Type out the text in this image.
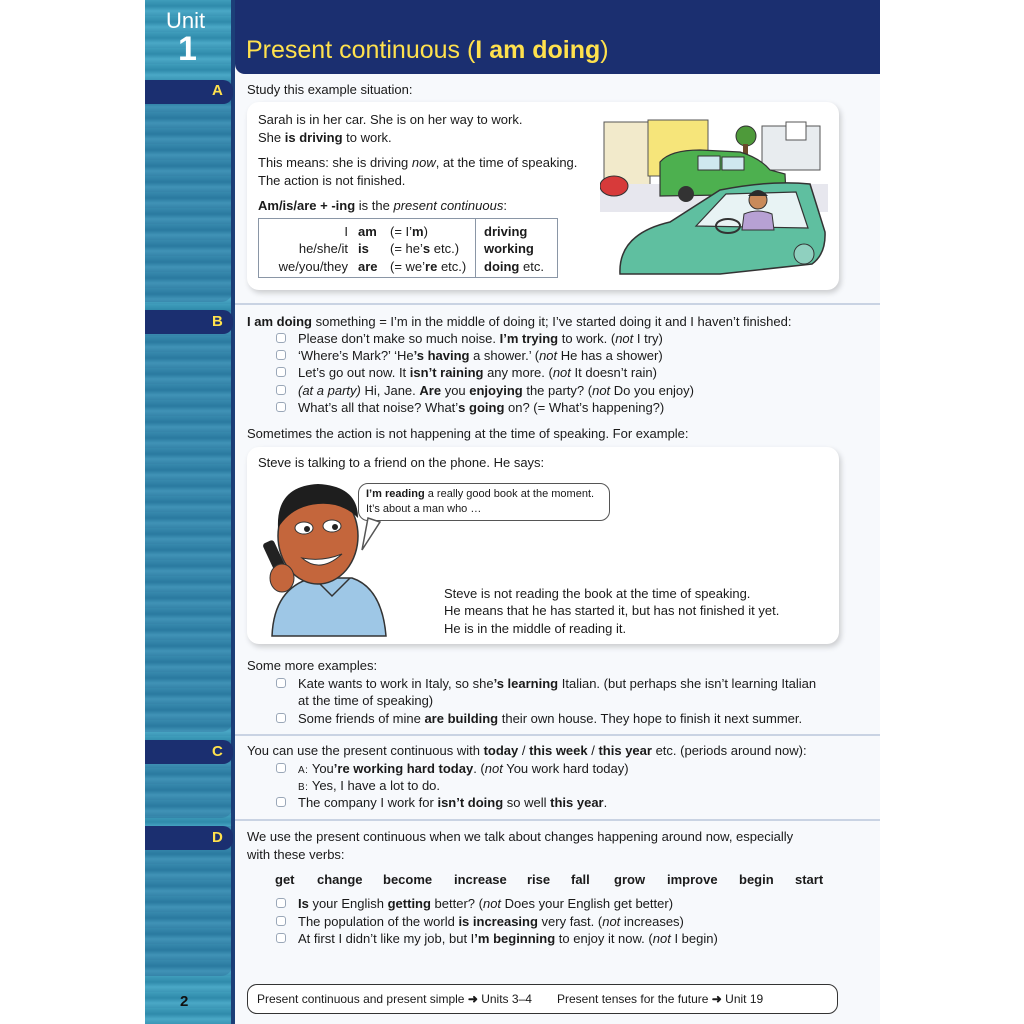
Unit
1 Present continuous (I am doing)
A
B
C
D
Study this example situation:
Sarah is in her car. She is on her way to work.
She is driving to work.
This means: she is driving now, at the time of speaking.
The action is not finished.
Am/is/are + -ing is the present continuous:
I
he/she/it
we/you/they
am
is
are
(= I’m)
(= he’s etc.)
(= we’re etc.)
driving
working
doing etc.
I am doing something = I’m in the middle of doing it; I’ve started doing it and I haven’t finished:
Please don’t make so much noise. I’m trying to work. (not I try)
‘Where’s Mark?’ ‘He’s having a shower.’ (not He has a shower)
Let’s go out now. It isn’t raining any more. (not It doesn’t rain)
(at a party) Hi, Jane. Are you enjoying the party? (not Do you enjoy)
What’s all that noise? What’s going on? (= What’s happening?)
Sometimes the action is not happening at the time of speaking. For example:
Steve is talking to a friend on the phone. He says:
I’m reading a really good book at the moment.
It’s about a man who …
Steve is not reading the book at the time of speaking.
He means that he has started it, but has not finished it yet.
He is in the middle of reading it.
Some more examples:
Kate wants to work in Italy, so she’s learning Italian. (but perhaps she isn’t learning Italian
at the time of speaking)
Some friends of mine are building their own house. They hope to finish it next summer.
You can use the present continuous with today / this week / this year etc. (periods around now):
A: You’re working hard today. (not You work hard today)
B: Yes, I have a lot to do.
The company I work for isn’t doing so well this year.
We use the present continuous when we talk about changes happening around now, especially
with these verbs:
get change become increase rise fall grow improve begin start
Is your English getting better? (not Does your English get better)
The population of the world is increasing very fast. (not increases)
At first I didn’t like my job, but I’m beginning to enjoy it now. (not I begin)
Present continuous and present simple ➜ Units 3–4 Present tenses for the future ➜ Unit 19
2
